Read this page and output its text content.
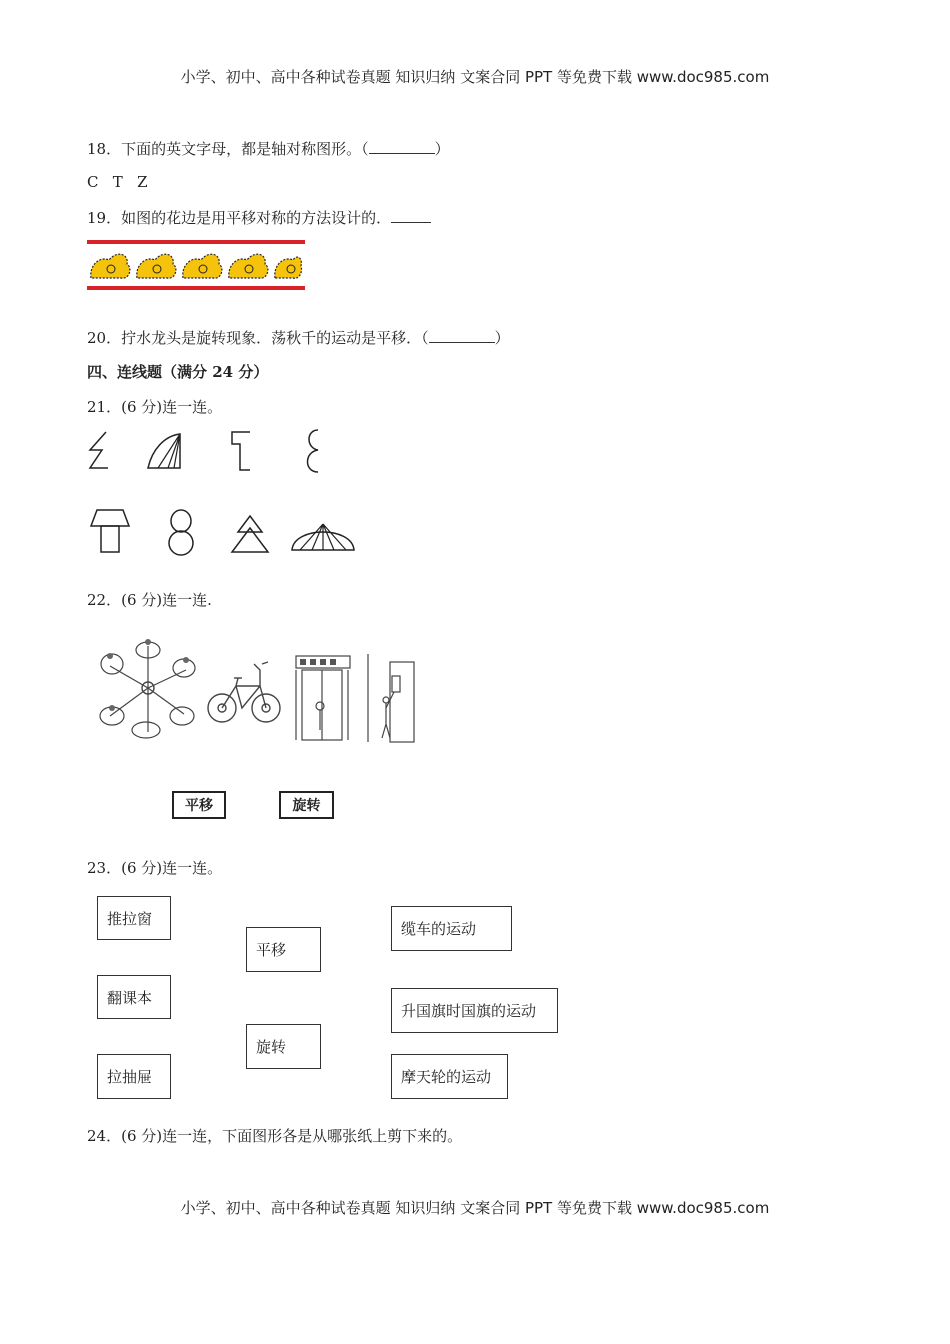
小学、初中、高中各种试卷真题 知识归纳 文案合同 PPT 等免费下载 www.doc985.com
18．下面的英文字母，都是轴对称图形。（	）
C   T   Z
19．如图的花边是用平移对称的方法设计的．
20．拧水龙头是旋转现象．荡秋千的运动是平移．（	）
四、连线题（满分 24 分）
21．(6 分)连一连。
22．(6 分)连一连.
平移	旋转
23．(6 分)连一连。
推拉窗
翻课本
拉抽屉
平移
旋转
缆车的运动
升国旗时国旗的运动
摩天轮的运动
24．(6 分)连一连，下面图形各是从哪张纸上剪下来的。
小学、初中、高中各种试卷真题 知识归纳 文案合同 PPT 等免费下载 www.doc985.com
